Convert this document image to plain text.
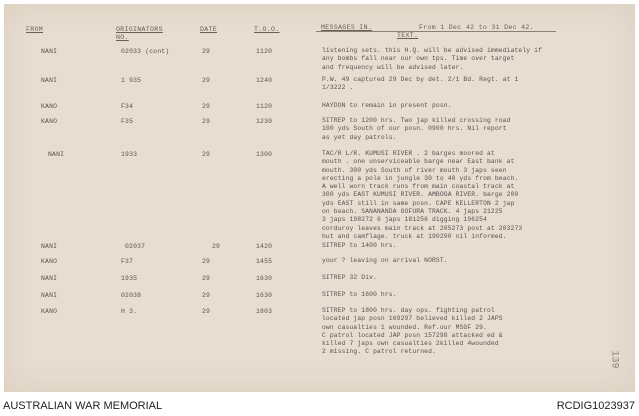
FROM	ORIGINATORS NO.
DATE	T.O.O.	MESSAGES IN.	From 1 Dec 42 to 31 Dec 42.
TEXT.
NANI	02033 (cont)	29	1120	listening sets. this H.Q. will be advised immediately if
any bombs fall near our own tps. Time over target
and frequency will be advised later.
NANI	1 935	29	1240	P.W. 49 captured 29 Dec by det. 2/1 Bd. Regt. at 1
1/3222 .
KANO	F34	29	1120	HAYDON to remain in present posn.
KANO	F35	29	1230	SITREP to 1200 hrs. Two jap killed crossing road
100 yds South of our posn. 0900 hrs. Nil report
as yet day patrols.
NANI	1933	29	1300	TAC/R L/R. KUMUSI RIVER . 2 barges moored at
mouth . one unserviceable barge near East bank at
mouth. 300 yds South of river mouth 3 japs seen
erecting a pole in jungle 30 to 40 yds from beach.
A well worn track runs from main coastal track at
300 yds EAST KUMUSI RIVER. AMBOGA RIVER. barge 200
yds EAST still in same posn. CAPE KELLERTON 2 jap
on beach. SANANANDA GOFURA TRACK. 4 japs 21225
3 japs 198272 6 japs 181256 digging 196254
corduroy leaves main track at 205273 post at 203273
hut and camflage. truck at 190290 nil informed.
NANI	02037	29	1420	SITREP to 1400 hrs.
KANO	F37	29	1455	your ? leaving on arrival NORST.
NANI	1935	29	1630	SITREP 32 Div.
NANI	02038	29	1630	SITREP to 1600 hrs.
KANO	H 3.	29	1803	SITREP to 1800 hrs. day ops. fighting patrol
located jap posn 169297 believed killed 2 JAPS
own casualties 1 wounded. Ref.our MSGF 29.
C patrol located JAP posn 157298 attacked ed &
killed 7 japs own casualties 2killed 4wounded
2 missing. C patrol returned.	139
AUSTRALIAN WAR MEMORIAL	RCDIG1023937
